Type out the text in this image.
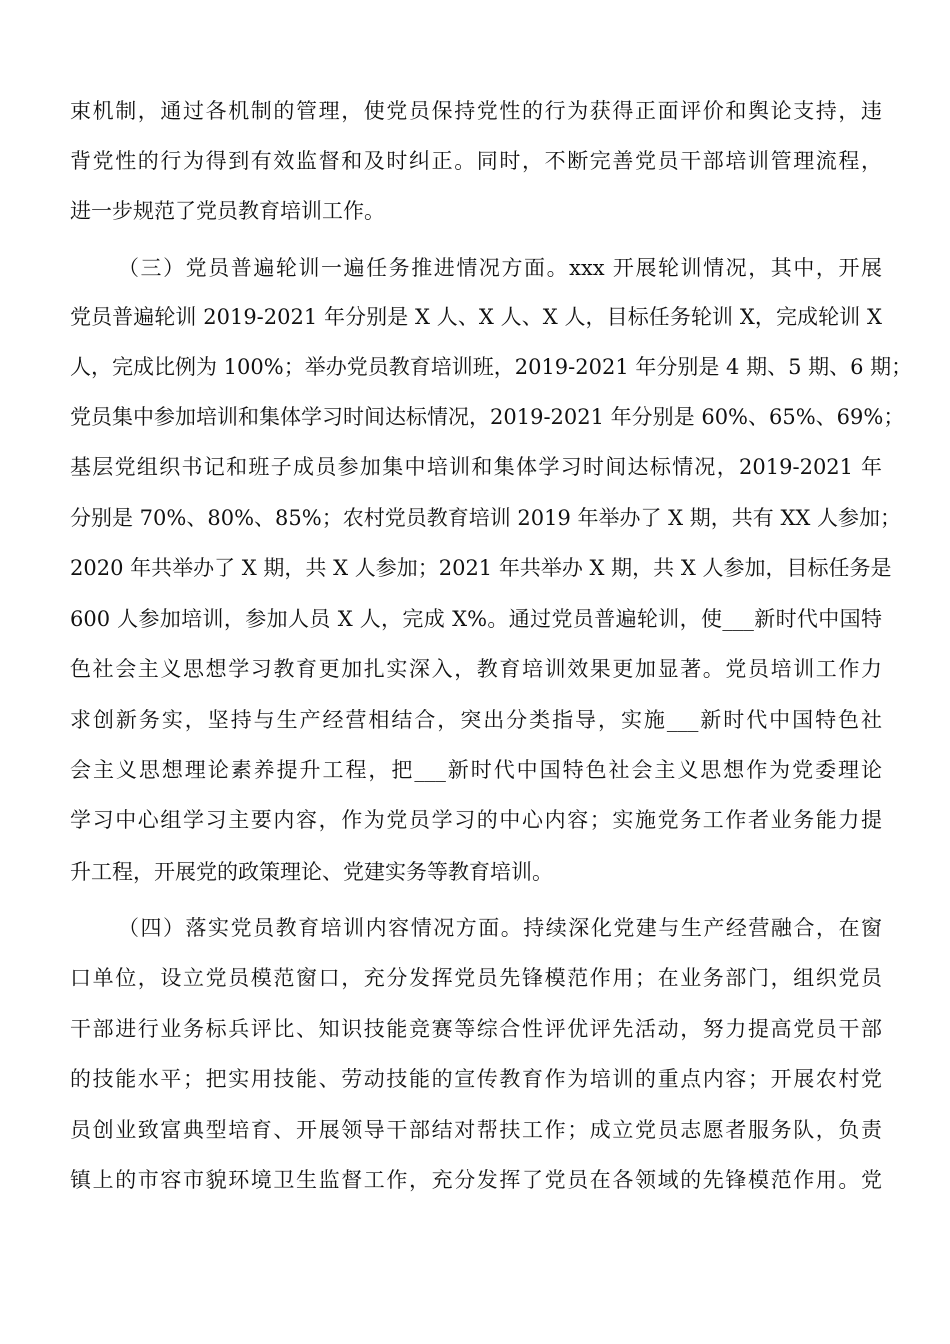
束机制，通过各机制的管理，使党员保持党性的行为获得正面评价和舆论支持，违
背党性的行为得到有效监督和及时纠正。同时，不断完善党员干部培训管理流程，
进一步规范了党员教育培训工作。
（三）党员普遍轮训一遍任务推进情况方面。xxx 开展轮训情况，其中，开展
党员普遍轮训 2019-2021 年分别是 X 人、X 人、X 人，目标任务轮训 X，完成轮训 X
人，完成比例为 100%；举办党员教育培训班，2019-2021 年分别是 4 期、5 期、6 期；
党员集中参加培训和集体学习时间达标情况，2019-2021 年分别是 60%、65%、69%；
基层党组织书记和班子成员参加集中培训和集体学习时间达标情况，2019-2021 年
分别是 70%、80%、85%；农村党员教育培训 2019 年举办了 X 期，共有 XX 人参加；
2020 年共举办了 X 期，共 X 人参加；2021 年共举办 X 期，共 X 人参加，目标任务是
600 人参加培训，参加人员 X 人，完成 X%。通过党员普遍轮训，使___新时代中国特
色社会主义思想学习教育更加扎实深入，教育培训效果更加显著。党员培训工作力
求创新务实，坚持与生产经营相结合，突出分类指导，实施___新时代中国特色社
会主义思想理论素养提升工程，把___新时代中国特色社会主义思想作为党委理论
学习中心组学习主要内容，作为党员学习的中心内容；实施党务工作者业务能力提
升工程，开展党的政策理论、党建实务等教育培训。
（四）落实党员教育培训内容情况方面。持续深化党建与生产经营融合，在窗
口单位，设立党员模范窗口，充分发挥党员先锋模范作用；在业务部门，组织党员
干部进行业务标兵评比、知识技能竞赛等综合性评优评先活动，努力提高党员干部
的技能水平；把实用技能、劳动技能的宣传教育作为培训的重点内容；开展农村党
员创业致富典型培育、开展领导干部结对帮扶工作；成立党员志愿者服务队，负责
镇上的市容市貌环境卫生监督工作，充分发挥了党员在各领域的先锋模范作用。党
